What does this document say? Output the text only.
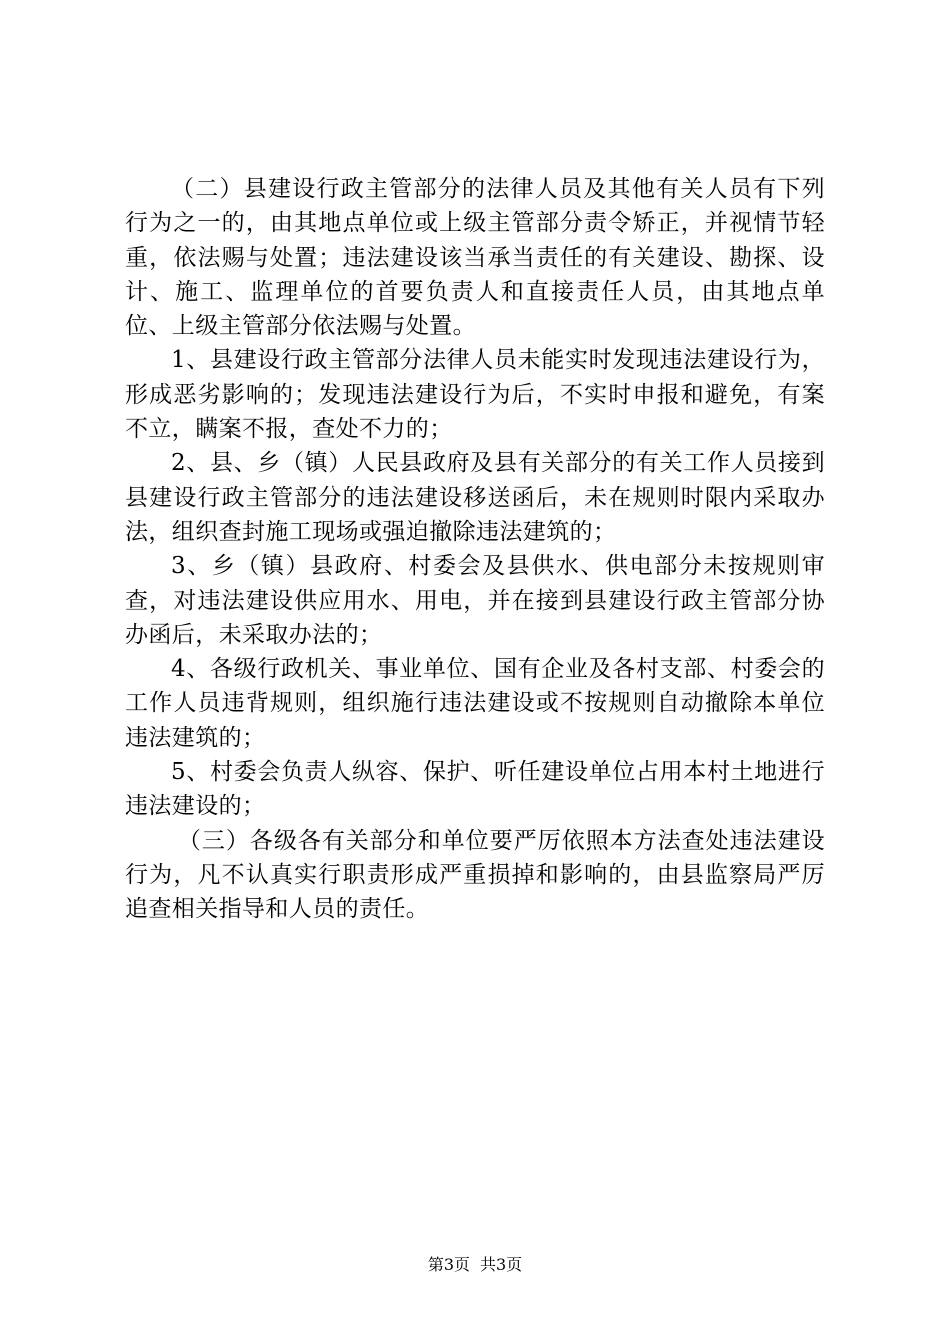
（二）县建设行政主管部分的法律人员及其他有关人员有下列行为之一的，由其地点单位或上级主管部分责令矫正，并视情节轻重，依法赐与处置；违法建设该当承当责任的有关建设、勘探、设计、施工、监理单位的首要负责人和直接责任人员，由其地点单位、上级主管部分依法赐与处置。

1、县建设行政主管部分法律人员未能实时发现违法建设行为，形成恶劣影响的；发现违法建设行为后，不实时申报和避免，有案不立，瞒案不报，查处不力的；

2、县、乡（镇）人民县政府及县有关部分的有关工作人员接到县建设行政主管部分的违法建设移送函后，未在规则时限内采取办法，组织查封施工现场或强迫撤除违法建筑的；

3、乡（镇）县政府、村委会及县供水、供电部分未按规则审查，对违法建设供应用水、用电，并在接到县建设行政主管部分协办函后，未采取办法的；

4、各级行政机关、事业单位、国有企业及各村支部、村委会的工作人员违背规则，组织施行违法建设或不按规则自动撤除本单位违法建筑的；

5、村委会负责人纵容、保护、听任建设单位占用本村土地进行违法建设的；

（三）各级各有关部分和单位要严厉依照本方法查处违法建设行为，凡不认真实行职责形成严重损掉和影响的，由县监察局严厉追查相关指导和人员的责任。

第3页 共3页
